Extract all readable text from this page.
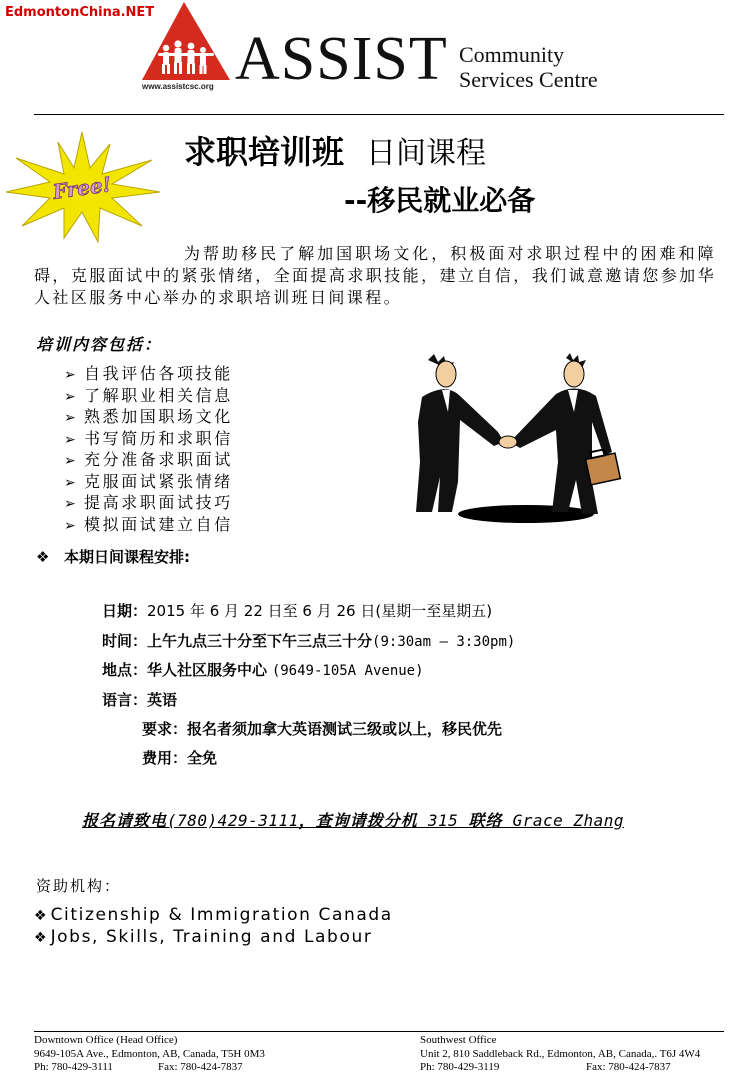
EdmontonChina.NET
www.assistcsc.org ASSIST Community
Services Centre
Free!
求职培训班 日间课程
--移民就业必备
为帮助移民了解加国职场文化，积极面对求职过程中的困难和障碍，克服面试中的紧张情绪，全面提高求职技能，建立自信，我们诚意邀请您参加华人社区服务中心举办的求职培训班日间课程。
培训内容包括：
➢ 自我评估各项技能
➢ 了解职业相关信息
➢ 熟悉加国职场文化
➢ 书写简历和求职信
➢ 充分准备求职面试
➢ 克服面试紧张情绪
➢ 提高求职面试技巧
➢ 模拟面试建立自信
❖ 本期日间课程安排:
日期：2015 年 6 月 22 日至 6 月 26 日(星期一至星期五)
时间：上午九点三十分至下午三点三十分(9:30am – 3:30pm)
地点：华人社区服务中心 (9649-105A Avenue)
语言：英语
要求：报名者须加拿大英语测试三级或以上，移民优先
费用：全免
报名请致电(780)429-3111，查询请拨分机 315 联络 Grace Zhang
资助机构：
❖ Citizenship & Immigration Canada
❖ Jobs, Skills, Training and Labour
Downtown Office (Head Office)
9649-105A Ave., Edmonton, AB, Canada, T5H 0M3
Ph: 780-429-3111	Fax: 780-424-7837
Southwest Office
Unit 2, 810 Saddleback Rd., Edmonton, AB, Canada,. T6J 4W4
Ph: 780-429-3119	Fax: 780-424-7837
